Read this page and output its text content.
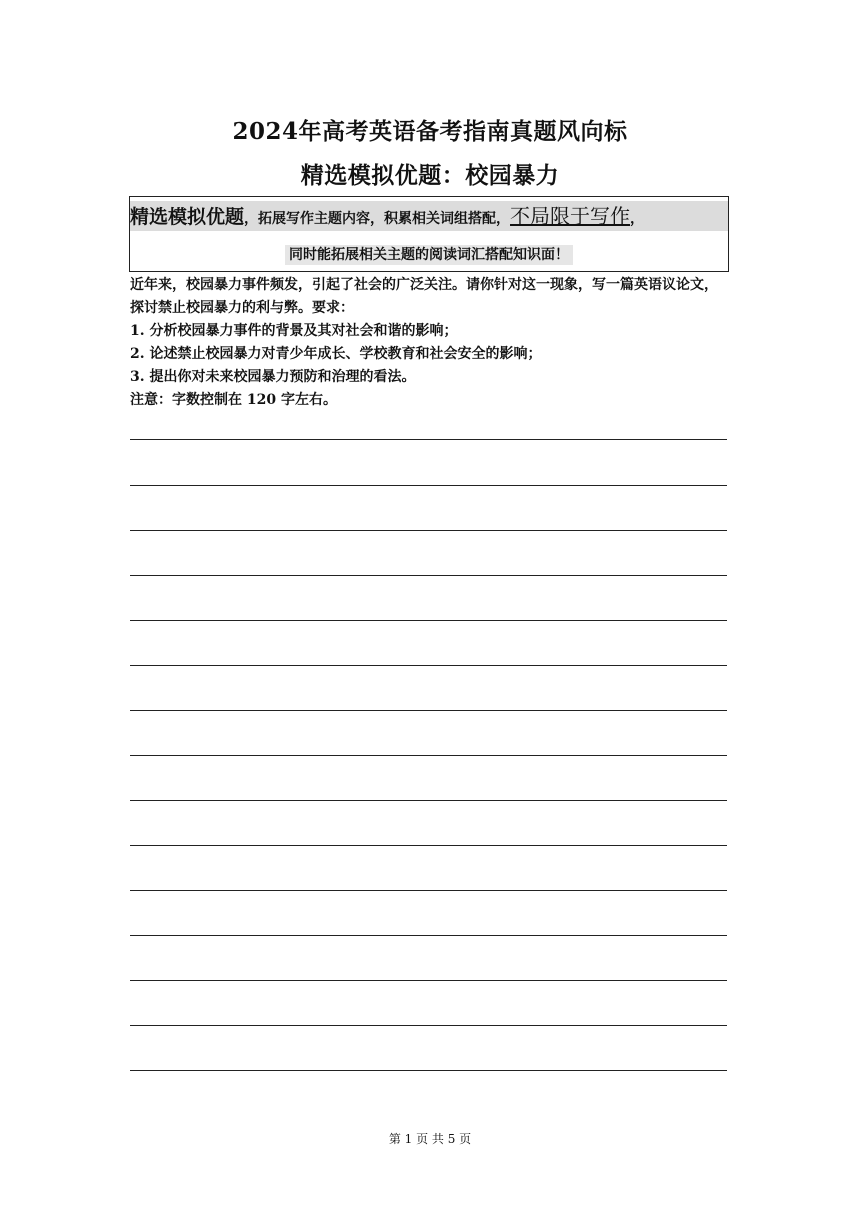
2024年高考英语备考指南真题风向标
精选模拟优题：校园暴力
精选模拟优题，拓展写作主题内容，积累相关词组搭配，不局限于写作，
同时能拓展相关主题的阅读词汇搭配知识面！

近年来，校园暴力事件频发，引起了社会的广泛关注。请你针对这一现象，写一篇英语议论文，探讨禁止校园暴力的利与弊。要求：

1. 分析校园暴力事件的背景及其对社会和谐的影响；

2. 论述禁止校园暴力对青少年成长、学校教育和社会安全的影响；

3. 提出你对未来校园暴力预防和治理的看法。

注意：字数控制在 120 字左右。

第 1 页 共 5 页
